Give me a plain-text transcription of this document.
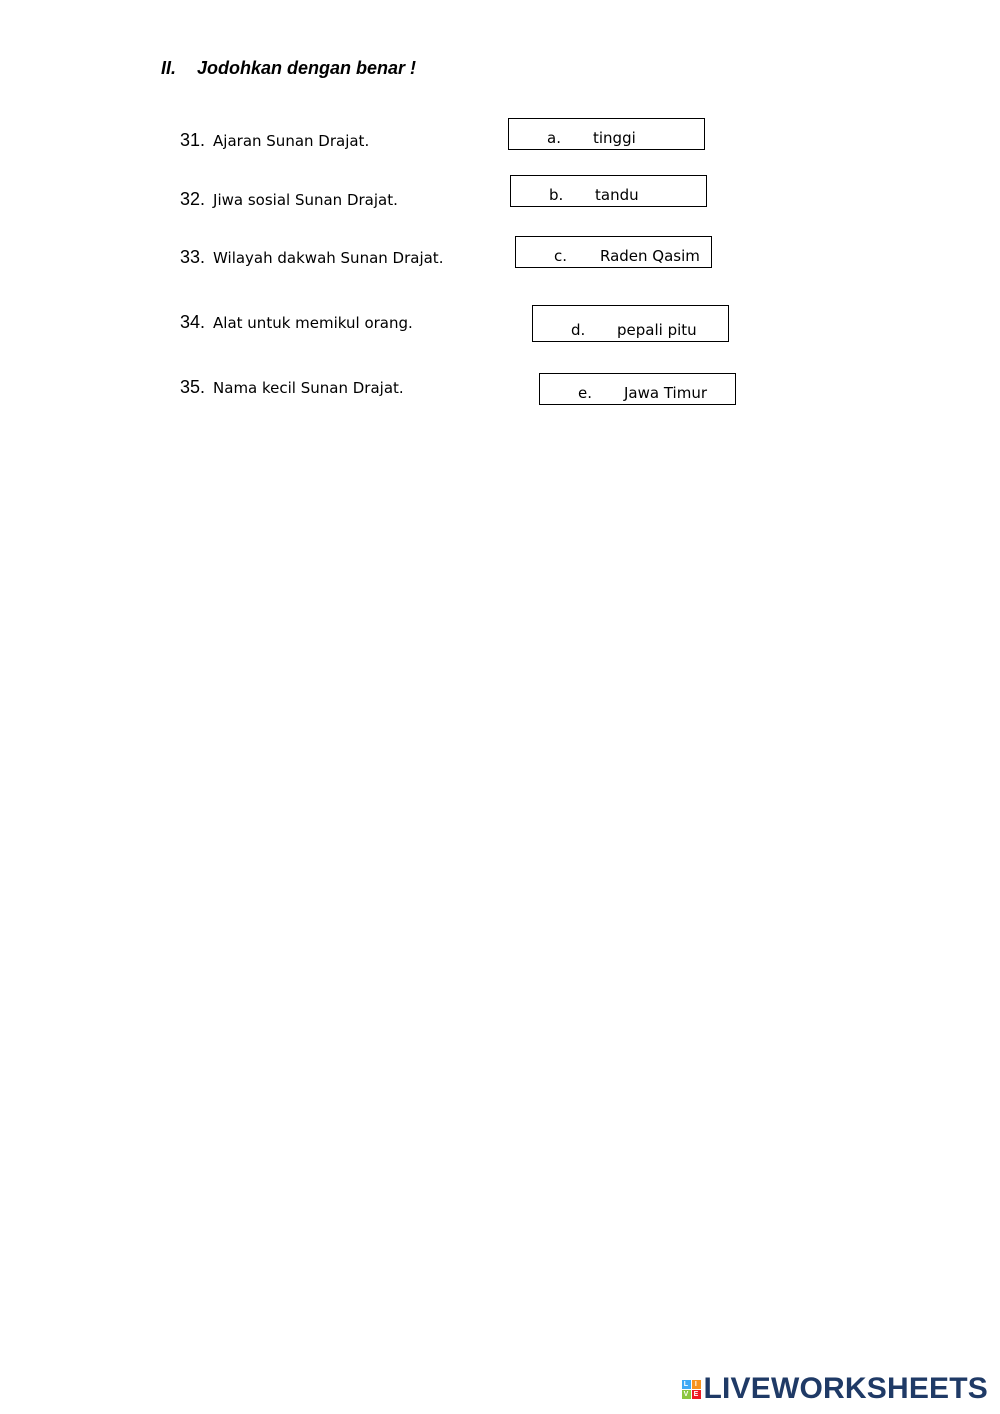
II. Jodohkan dengan benar !
31. Ajaran Sunan Drajat.
32. Jiwa sosial Sunan Drajat.
33. Wilayah dakwah Sunan Drajat.
34. Alat untuk memikul orang.
35. Nama kecil Sunan Drajat.
a. tinggi
b. tandu
c. Raden Qasim
d. pepali pitu
e. Jawa Timur
L I
V E LIVEWORKSHEETS
